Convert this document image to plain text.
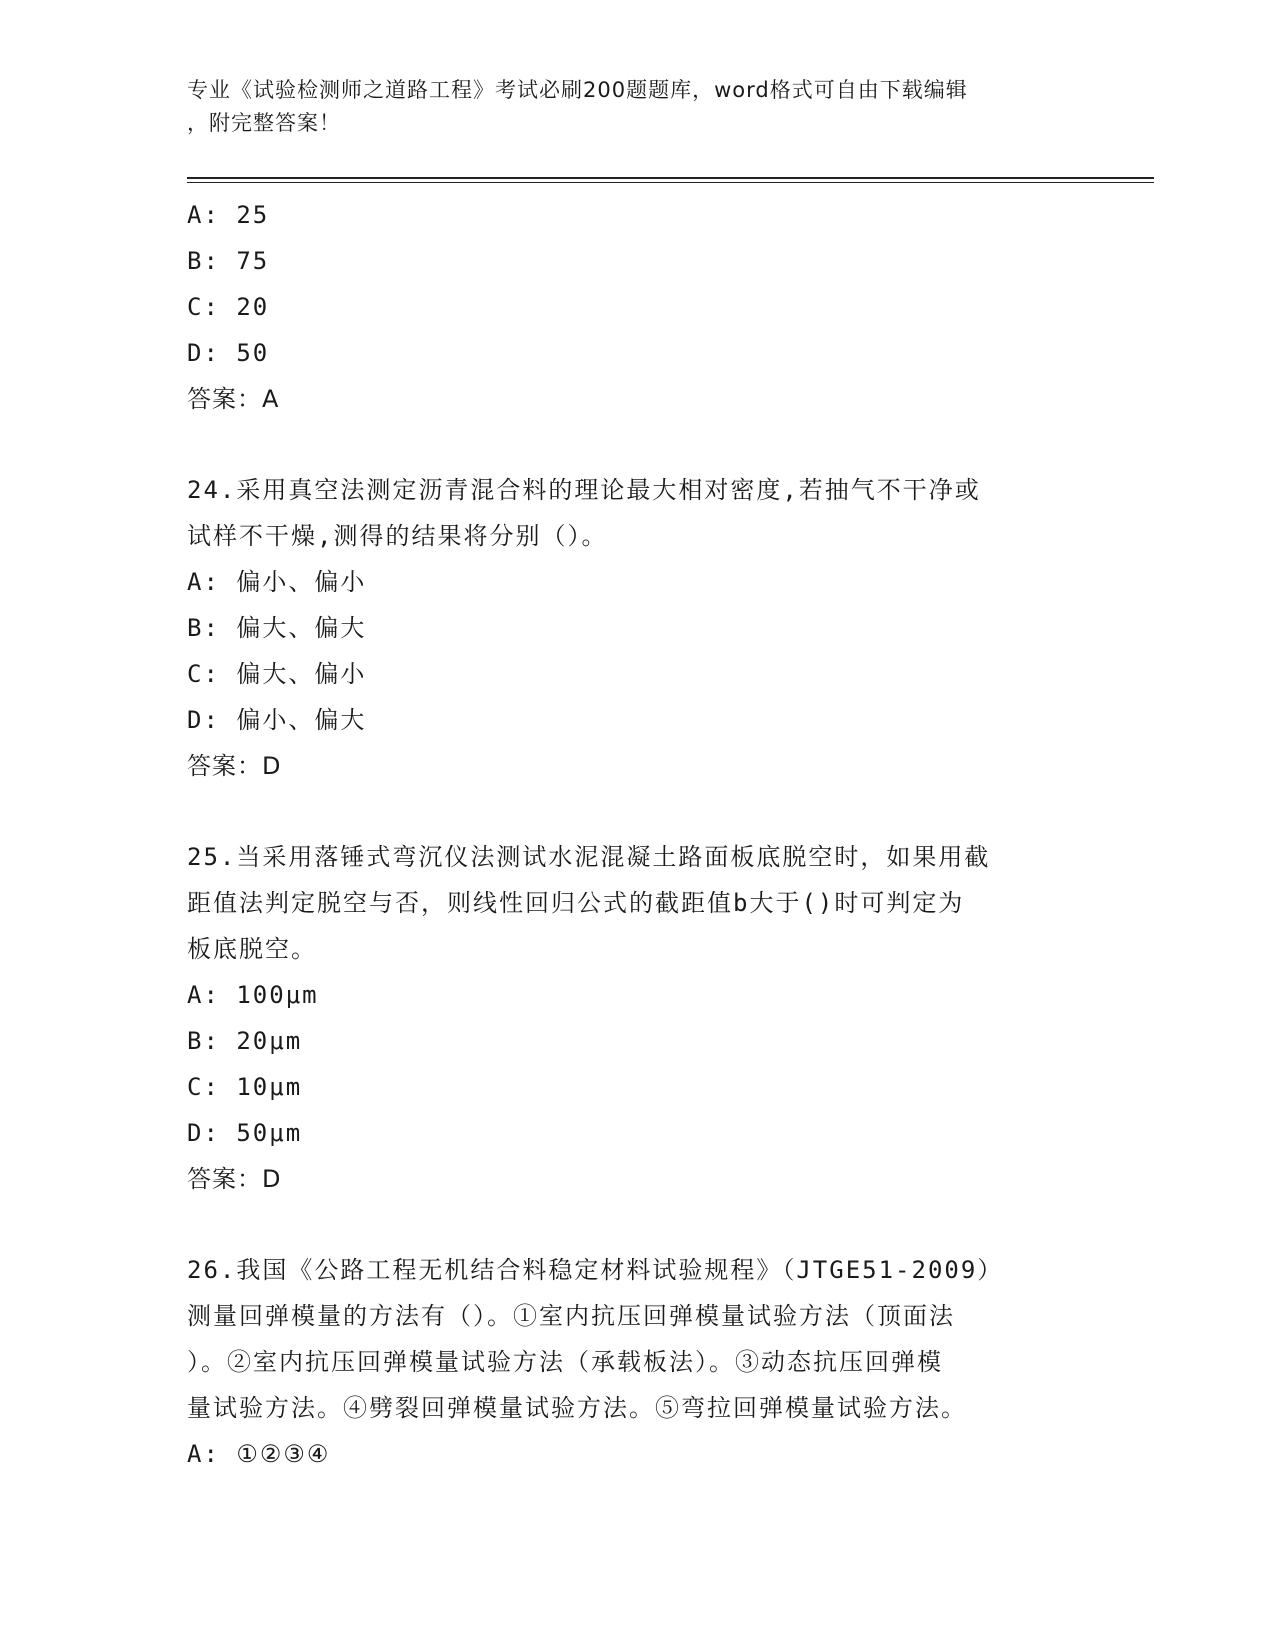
专业《试验检测师之道路工程》考试必刷200题题库，word格式可自由下载编辑
，附完整答案！
A: 25
B: 75
C: 20
D: 50
答案：A
24.采用真空法测定沥青混合料的理论最大相对密度,若抽气不干净或
试样不干燥,测得的结果将分别（）。
A: 偏小、偏小
B: 偏大、偏大
C: 偏大、偏小
D: 偏小、偏大
答案：D
25.当采用落锤式弯沉仪法测试水泥混凝土路面板底脱空时，如果用截
距值法判定脱空与否，则线性回归公式的截距值b大于()时可判定为
板底脱空。
A: 100μm
B: 20μm
C: 10μm
D: 50μm
答案：D
26.我国《公路工程无机结合料稳定材料试验规程》（JTGE51-2009）
测量回弹模量的方法有（）。①室内抗压回弹模量试验方法（顶面法
）。②室内抗压回弹模量试验方法（承载板法）。③动态抗压回弹模
量试验方法。④劈裂回弹模量试验方法。⑤弯拉回弹模量试验方法。
A: ①②③④
